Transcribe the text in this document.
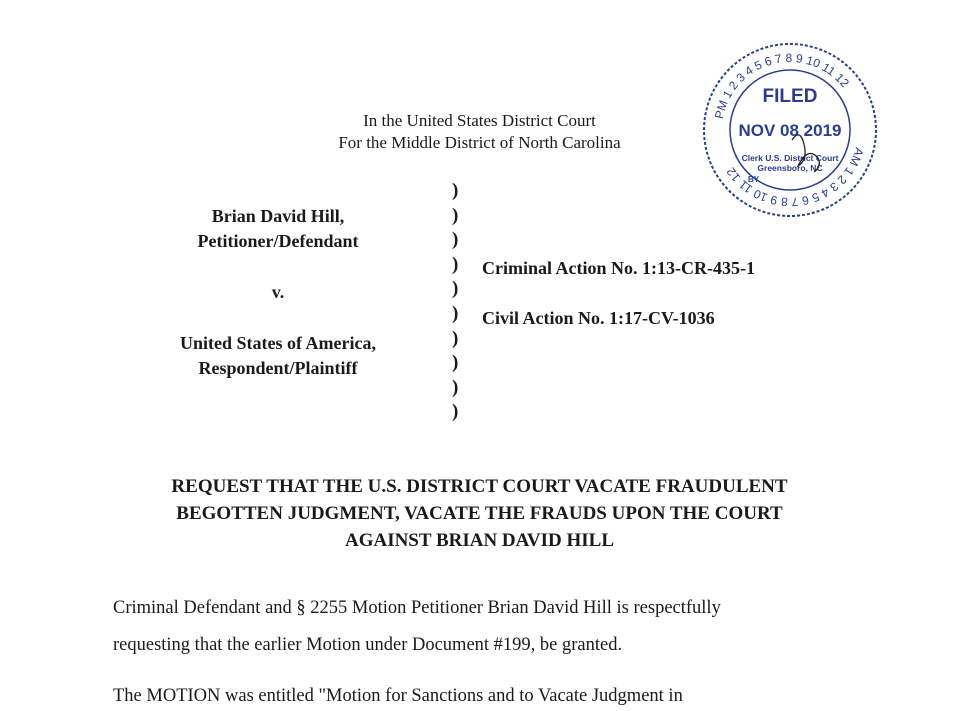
In the United States District Court
For the Middle District of North Carolina
PM 1 2 3 4 5 6 7 8 9 10 11 12
AM 1 2 3 4 5 6 7 8 9 10 11 12
FILED
NOV 08 2019
Clerk U.S. District Court
Greensboro, NC
BY
Brian David Hill,
Petitioner/Defendant
v.
United States of America,
Respondent/Plaintiff
)
)
)
)
)
)
)
)
)
)
Criminal Action No. 1:13-CR-435-1
Civil Action No. 1:17-CV-1036
REQUEST THAT THE U.S. DISTRICT COURT VACATE FRAUDULENT
BEGOTTEN JUDGMENT, VACATE THE FRAUDS UPON THE COURT
AGAINST BRIAN DAVID HILL
Criminal Defendant and § 2255 Motion Petitioner Brian David Hill is respectfully
requesting that the earlier Motion under Document #199, be granted.
The MOTION was entitled "Motion for Sanctions and to Vacate Judgment in
